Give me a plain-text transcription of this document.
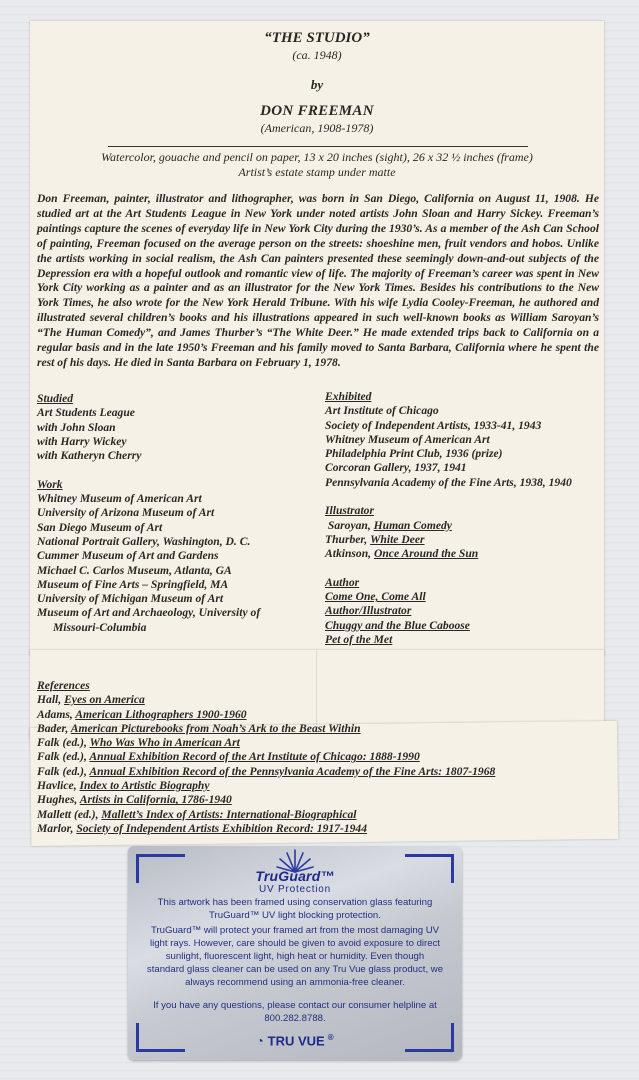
“THE STUDIO”
(ca. 1948)
by
DON FREEMAN
(American, 1908-1978)
Watercolor, gouache and pencil on paper, 13 x 20 inches (sight), 26 x 32 ½ inches (frame)
Artist’s estate stamp under matte

Don Freeman, painter, illustrator and lithographer, was born in San Diego, California on August 11, 1908. He studied art at the Art Students League in New York under noted artists John Sloan and Harry Sickey. Freeman’s paintings capture the scenes of everyday life in New York City during the 1930’s. As a member of the Ash Can School of painting, Freeman focused on the average person on the streets: shoeshine men, fruit vendors and hobos. Unlike the artists working in social realism, the Ash Can painters presented these seemingly down-and-out subjects of the Depression era with a hopeful outlook and romantic view of life. The majority of Freeman’s career was spent in New York City working as a painter and as an illustrator for the New York Times. Besides his contributions to the New York Times, he also wrote for the New York Herald Tribune. With his wife Lydia Cooley-Freeman, he authored and illustrated several children’s books and his illustrations appeared in such well-known books as William Saroyan’s “The Human Comedy”, and James Thurber’s “The White Deer.” He made extended trips back to California on a regular basis and in the late 1950’s Freeman and his family moved to Santa Barbara, California where he spent the rest of his days. He died in Santa Barbara on February 1, 1978.

Studied
Art Students League
with John Sloan
with Harry Wickey
with Katheryn Cherry

Work
Whitney Museum of American Art
University of Arizona Museum of Art
San Diego Museum of Art
National Portrait Gallery, Washington, D. C.
Cummer Museum of Art and Gardens
Michael C. Carlos Museum, Atlanta, GA
Museum of Fine Arts – Springfield, MA
University of Michigan Museum of Art
Museum of Art and Archaeology, University of
Missouri-Columbia
Exhibited
Art Institute of Chicago
Society of Independent Artists, 1933-41, 1943
Whitney Museum of American Art
Philadelphia Print Club, 1936 (prize)
Corcoran Gallery, 1937, 1941
Pennsylvania Academy of the Fine Arts, 1938, 1940

Illustrator
Saroyan, Human Comedy
Thurber, White Deer
Atkinson, Once Around the Sun

Author
Come One, Come All
Author/Illustrator
Chuggy and the Blue Caboose
Pet of the Met
References
Hall, Eyes on America
Adams, American Lithographers 1900-1960
Bader, American Picturebooks from Noah’s Ark to the Beast Within
Falk (ed.), Who Was Who in American Art
Falk (ed.), Annual Exhibition Record of the Art Institute of Chicago: 1888-1990
Falk (ed.), Annual Exhibition Record of the Pennsylvania Academy of the Fine Arts: 1807-1968
Havlice, Index to Artistic Biography
Hughes, Artists in California, 1786-1940
Mallett (ed.), Mallett’s Index of Artists: International-Biographical
Marlor, Society of Independent Artists Exhibition Record: 1917-1944
TruGuard™
UV Protection

This artwork has been framed using conservation glass featuring TruGuard™ UV light blocking protection.

TruGuard™ will protect your framed art from the most damaging UV light rays. However, care should be given to avoid exposure to direct sunlight, fluorescent light, high heat or humidity. Even though standard glass cleaner can be used on any Tru Vue glass product, we always recommend using an ammonia-free cleaner.

If you have any questions, please contact our consumer helpline at 800.282.8788.

◔ TRU VUE ®
